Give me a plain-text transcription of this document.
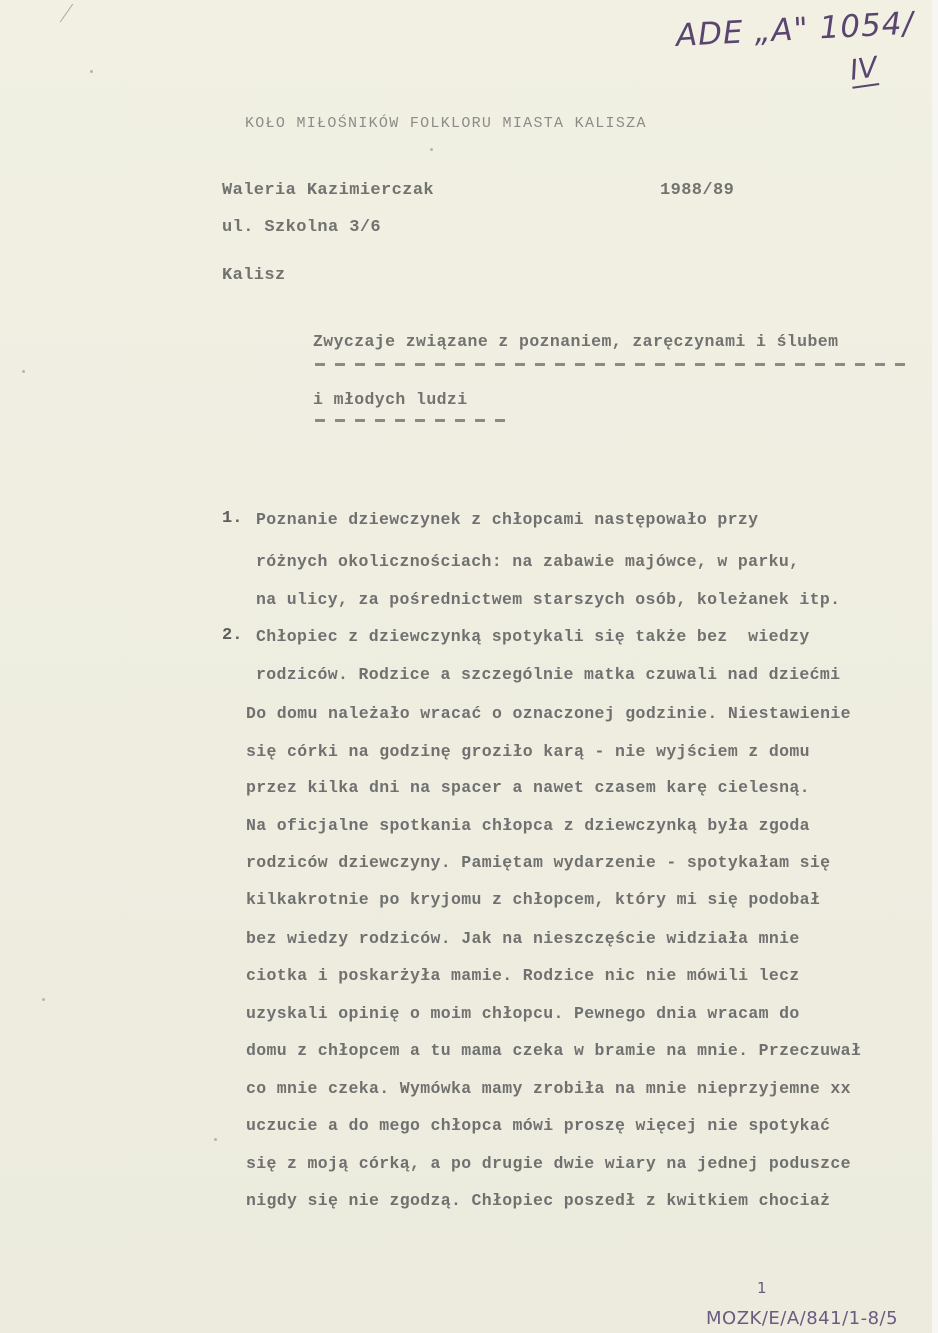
ADE „A" 1054/
IV
KOŁO MIŁOŚNIKÓW FOLKLORU MIASTA KALISZA
Waleria Kazimierczak	1988/89
ul. Szkolna 3/6
Kalisz
Zwyczaje związane z poznaniem, zaręczynami i ślubem
i młodych ludzi
1. Poznanie dziewczynek z chłopcami następowało przy
różnych okolicznościach: na zabawie majówce, w parku,
na ulicy, za pośrednictwem starszych osób, koleżanek itp.
2. Chłopiec z dziewczynką spotykali się także bez  wiedzy
rodziców. Rodzice a szczególnie matka czuwali nad dziećmi
Do domu należało wracać o oznaczonej godzinie. Niestawienie
się córki na godzinę groziło karą - nie wyjściem z domu
przez kilka dni na spacer a nawet czasem karę cielesną.
Na oficjalne spotkania chłopca z dziewczynką była zgoda
rodziców dziewczyny. Pamiętam wydarzenie - spotykałam się
kilkakrotnie po kryjomu z chłopcem, który mi się podobał
bez wiedzy rodziców. Jak na nieszczęście widziała mnie
ciotka i poskarżyła mamie. Rodzice nic nie mówili lecz
uzyskali opinię o moim chłopcu. Pewnego dnia wracam do
domu z chłopcem a tu mama czeka w bramie na mnie. Przeczuwał
co mnie czeka. Wymówka mamy zrobiła na mnie nieprzyjemne xx
uczucie a do mego chłopca mówi proszę więcej nie spotykać
się z moją córką, a po drugie dwie wiary na jednej poduszce
nigdy się nie zgodzą. Chłopiec poszedł z kwitkiem chociaż
1
MOZK/E/A/841/1-8/5
